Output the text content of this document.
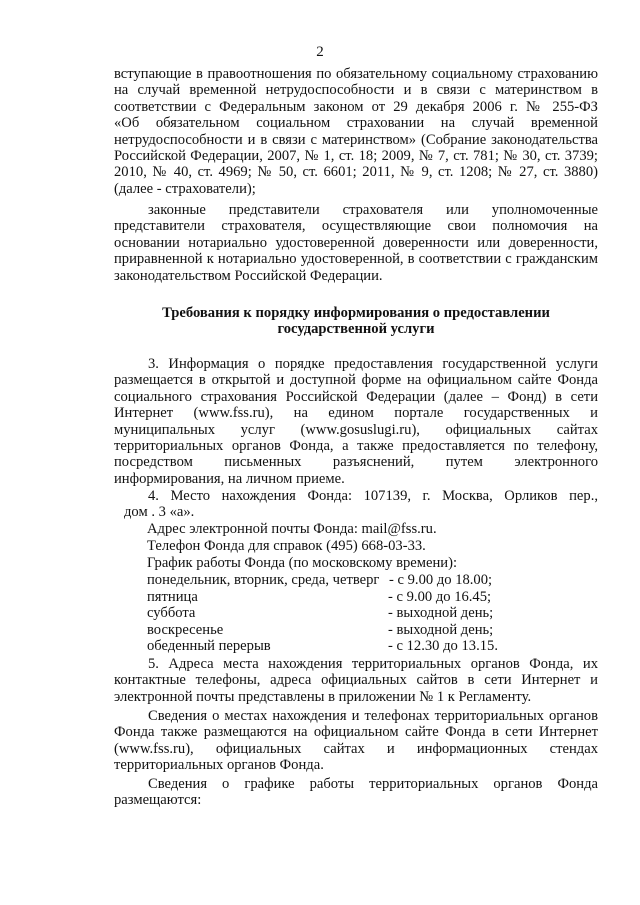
2
вступающие в правоотношения по обязательному социальному страхованию
на случай временной нетрудоспособности и в связи с материнством в
соответствии с Федеральным законом от 29 декабря 2006 г. № 255-ФЗ
«Об обязательном социальном страховании на случай временной
нетрудоспособности и в связи с материнством» (Собрание законодательства
Российской Федерации, 2007, № 1, ст. 18; 2009, № 7, ст. 781; № 30, ст. 3739;
2010, № 40, ст. 4969; № 50, ст. 6601; 2011, № 9, ст. 1208; № 27, ст. 3880)
(далее - страхователи);
законные представители страхователя или уполномоченные
представители страхователя, осуществляющие свои полномочия на
основании нотариально удостоверенной доверенности или доверенности,
приравненной к нотариально удостоверенной, в соответствии с гражданским
законодательством Российской Федерации.
Требования к порядку информирования о предоставлении
государственной услуги
3. Информация о порядке предоставления государственной услуги
размещается в открытой и доступной форме на официальном сайте Фонда
социального страхования Российской Федерации (далее – Фонд) в сети
Интернет (www.fss.ru), на едином портале государственных и
муниципальных услуг (www.gosuslugi.ru), официальных сайтах
территориальных органов Фонда, а также предоставляется по телефону,
посредством письменных разъяснений, путем электронного
информирования, на личном приеме.
4. Место нахождения Фонда: 107139, г. Москва, Орликов пер.,
дом . 3 «а».
Адрес электронной почты Фонда: mail@fss.ru.
Телефон Фонда для справок (495) 668-03-33.
График работы Фонда (по московскому времени):
понедельник, вторник, среда, четверг - с 9.00 до 18.00;
пятница	- с 9.00 до 16.45;
суббота	- выходной день;
воскресенье	- выходной день;
обеденный перерыв	- с 12.30 до 13.15.
5. Адреса места нахождения территориальных органов Фонда, их
контактные телефоны, адреса официальных сайтов в сети Интернет и
электронной почты представлены в приложении № 1 к Регламенту.
Сведения о местах нахождения и телефонах территориальных органов
Фонда также размещаются на официальном сайте Фонда в сети Интернет
(www.fss.ru), официальных сайтах и информационных стендах
территориальных органов Фонда.
Сведения о графике работы территориальных органов Фонда
размещаются:
